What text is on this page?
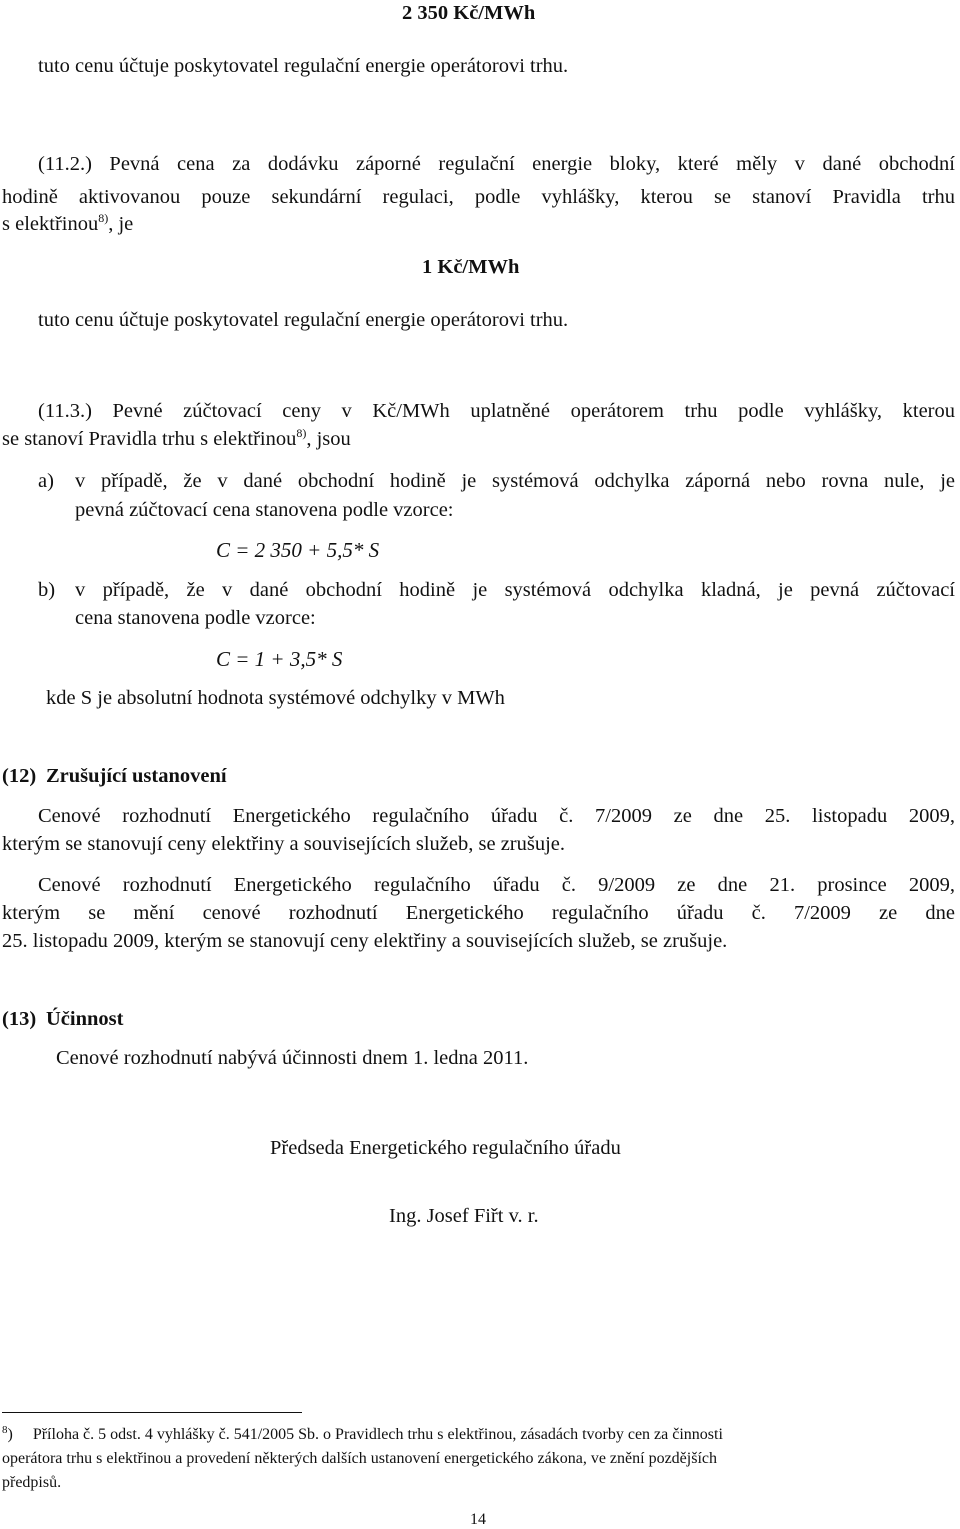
2 350 Kč/MWh

tuto cenu účtuje poskytovatel regulační energie operátorovi trhu.

(11.2.) Pevná cena za dodávku záporné regulační energie bloky, které měly v dané obchodní

hodině aktivovanou pouze sekundární regulaci, podle vyhlášky, kterou se stanoví Pravidla trhu

s elektřinou$^{8)}$, je

1 Kč/MWh

tuto cenu účtuje poskytovatel regulační energie operátorovi trhu.

(11.3.) Pevné zúčtovací ceny v Kč/MWh uplatněné operátorem trhu podle vyhlášky, kterou

se stanoví Pravidla trhu s elektřinou$^{8)}$, jsou

a) v případě, že v dané obchodní hodině je systémová odchylka záporná nebo rovna nule, je

pevná zúčtovací cena stanovena podle vzorce:

C = 2 350 + 5,5* S

b) v případě, že v dané obchodní hodině je systémová odchylka kladná, je pevná zúčtovací

cena stanovena podle vzorce:

C = 1 + 3,5* S

kde S je absolutní hodnota systémové odchylky v MWh

(12) Zrušující ustanovení

Cenové rozhodnutí Energetického regulačního úřadu č. 7/2009 ze dne 25. listopadu 2009,

kterým se stanovují ceny elektřiny a souvisejících služeb, se zrušuje.

Cenové rozhodnutí Energetického regulačního úřadu č. 9/2009 ze dne 21. prosince 2009,

kterým se mění cenové rozhodnutí Energetického regulačního úřadu č. 7/2009 ze dne

25. listopadu 2009, kterým se stanovují ceny elektřiny a souvisejících služeb, se zrušuje.

(13) Účinnost

Cenové rozhodnutí nabývá účinnosti dnem 1. ledna 2011.

Předseda Energetického regulačního úřadu

Ing. Josef Fiřt v. r.

$^8$) Příloha č. 5 odst. 4 vyhlášky č. 541/2005 Sb. o Pravidlech trhu s elektřinou, zásadách tvorby cen za činnosti

operátora trhu s elektřinou a provedení některých dalších ustanovení energetického zákona, ve znění pozdějších

předpisů.

14
